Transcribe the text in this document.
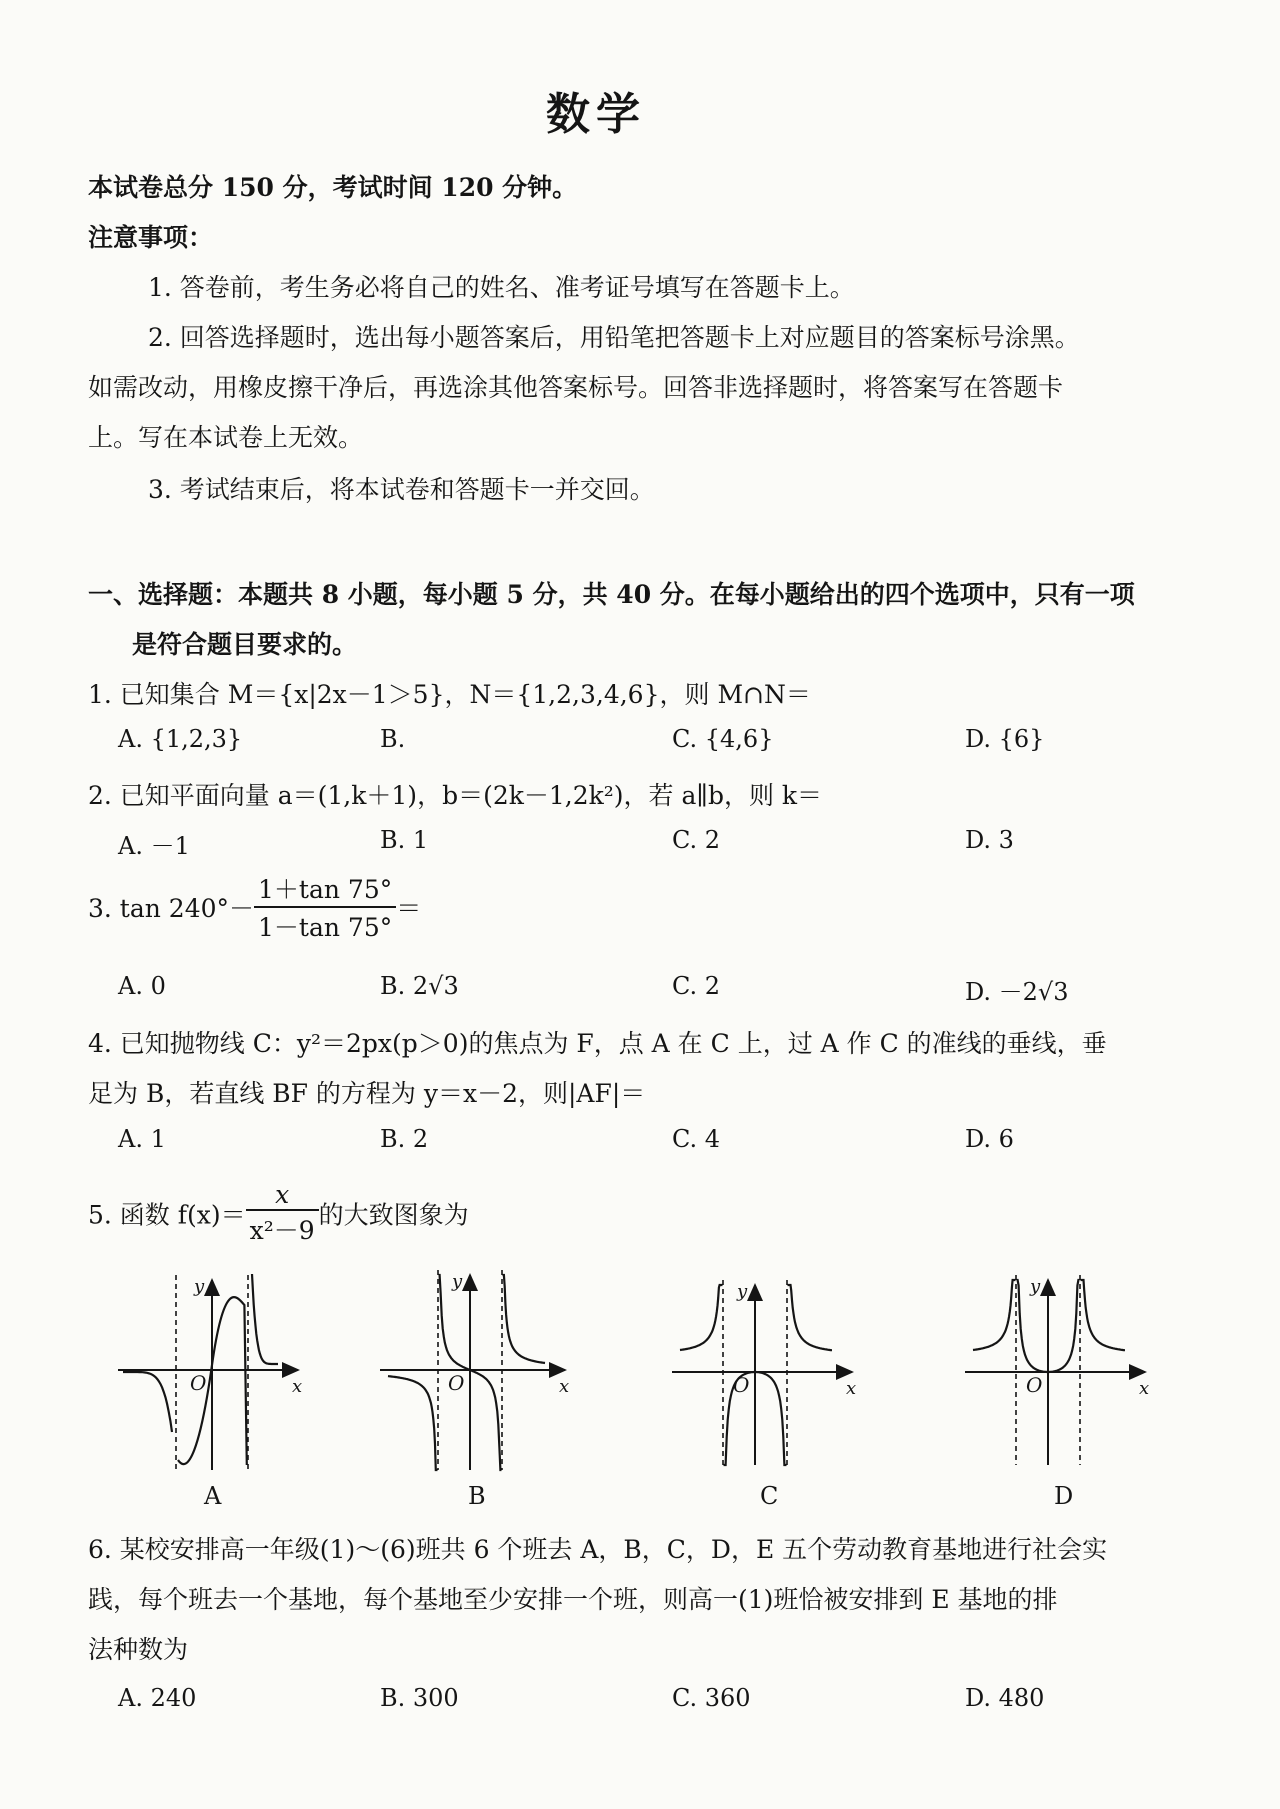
数学
本试卷总分 150 分，考试时间 120 分钟。
注意事项：
1. 答卷前，考生务必将自己的姓名、准考证号填写在答题卡上。
2. 回答选择题时，选出每小题答案后，用铅笔把答题卡上对应题目的答案标号涂黑。
如需改动，用橡皮擦干净后，再选涂其他答案标号。回答非选择题时，将答案写在答题卡
上。写在本试卷上无效。
3. 考试结束后，将本试卷和答题卡一并交回。
一、选择题：本题共 8 小题，每小题 5 分，共 40 分。在每小题给出的四个选项中，只有一项
是符合题目要求的。
1. 已知集合 M＝{x|2x－1＞5}，N＝{1,2,3,4,6}，则 M∩N＝
A. {1,2,3}	B.	C. {4,6}	D. {6}
2. 已知平面向量 a＝(1,k＋1)，b＝(2k－1,2k²)，若 a∥b，则 k＝
A. －1	B. 1	C. 2	D. 3
3. $\tan 240^\circ- \frac{1+\tan 75^\circ}{1-\tan 75^\circ}$ ＝
A. 0	B. 2√3	C. 2	D. －2√3
4. 已知抛物线 C：y²＝2px(p＞0)的焦点为 F，点 A 在 C 上，过 A 作 C 的准线的垂线，垂
足为 B，若直线 BF 的方程为 y＝x－2，则|AF|＝
A. 1	B. 2	C. 4	D. 6
5. 函数 $f(x)= \frac{x}{\text{x²－9}}$ 的大致图象为
y
x
O
y
x
O
y
x
O
y
x
O
A	B	C	D
6. 某校安排高一年级(1)～(6)班共 6 个班去 A，B，C，D，E 五个劳动教育基地进行社会实
践，每个班去一个基地，每个基地至少安排一个班，则高一(1)班恰被安排到 E 基地的排
法种数为
A. 240	B. 300	C. 360	D. 480
